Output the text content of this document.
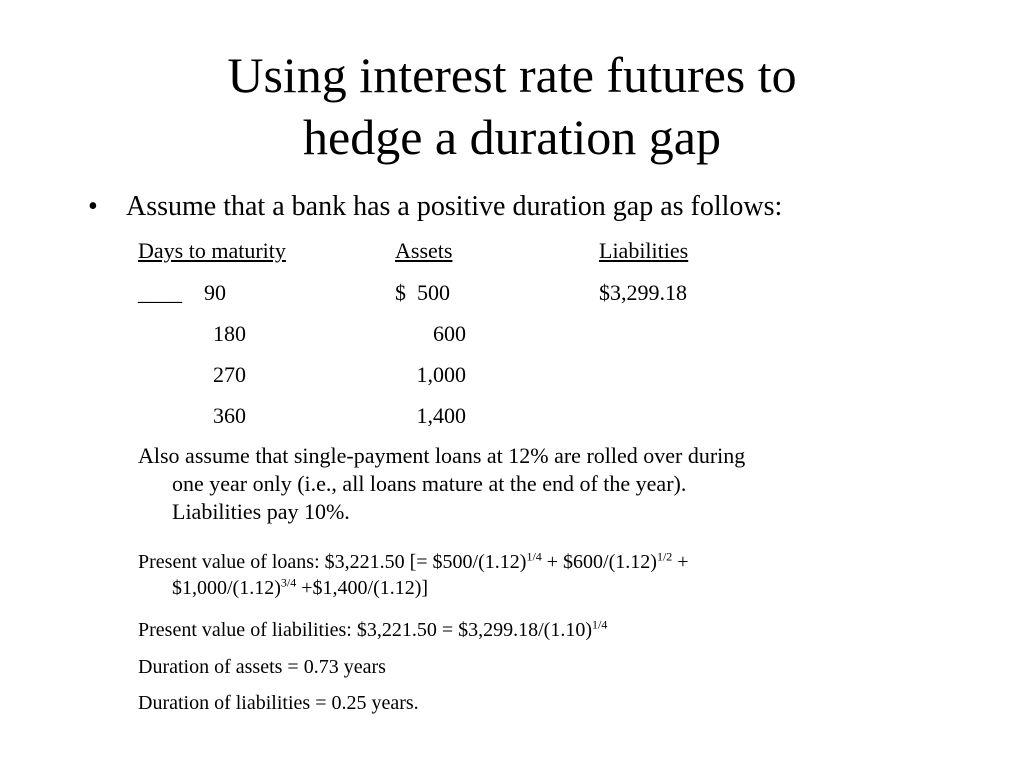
Using interest rate futures to
hedge a duration gap
• Assume that a bank has a positive duration gap as follows:
Days to maturity	Assets	Liabilities
____    90	$  500	$3,299.18
180	600
270	1,000
360	1,400
Also assume that single-payment loans at 12% are rolled over during
one year only (i.e., all loans mature at the end of the year).
Liabilities pay 10%.
Present value of loans: $3,221.50 [= $\$500/(1.12)^{1/4}$ + $\$600/(1.12)^{1/2}$ +
$\$1,000/(1.12)^{3/4}$ +$1,400/(1.12)]
Present value of liabilities: $3,221.50 = $\$3,299.18/(1.10)^{1/4}$
Duration of assets = 0.73 years
Duration of liabilities = 0.25 years.
